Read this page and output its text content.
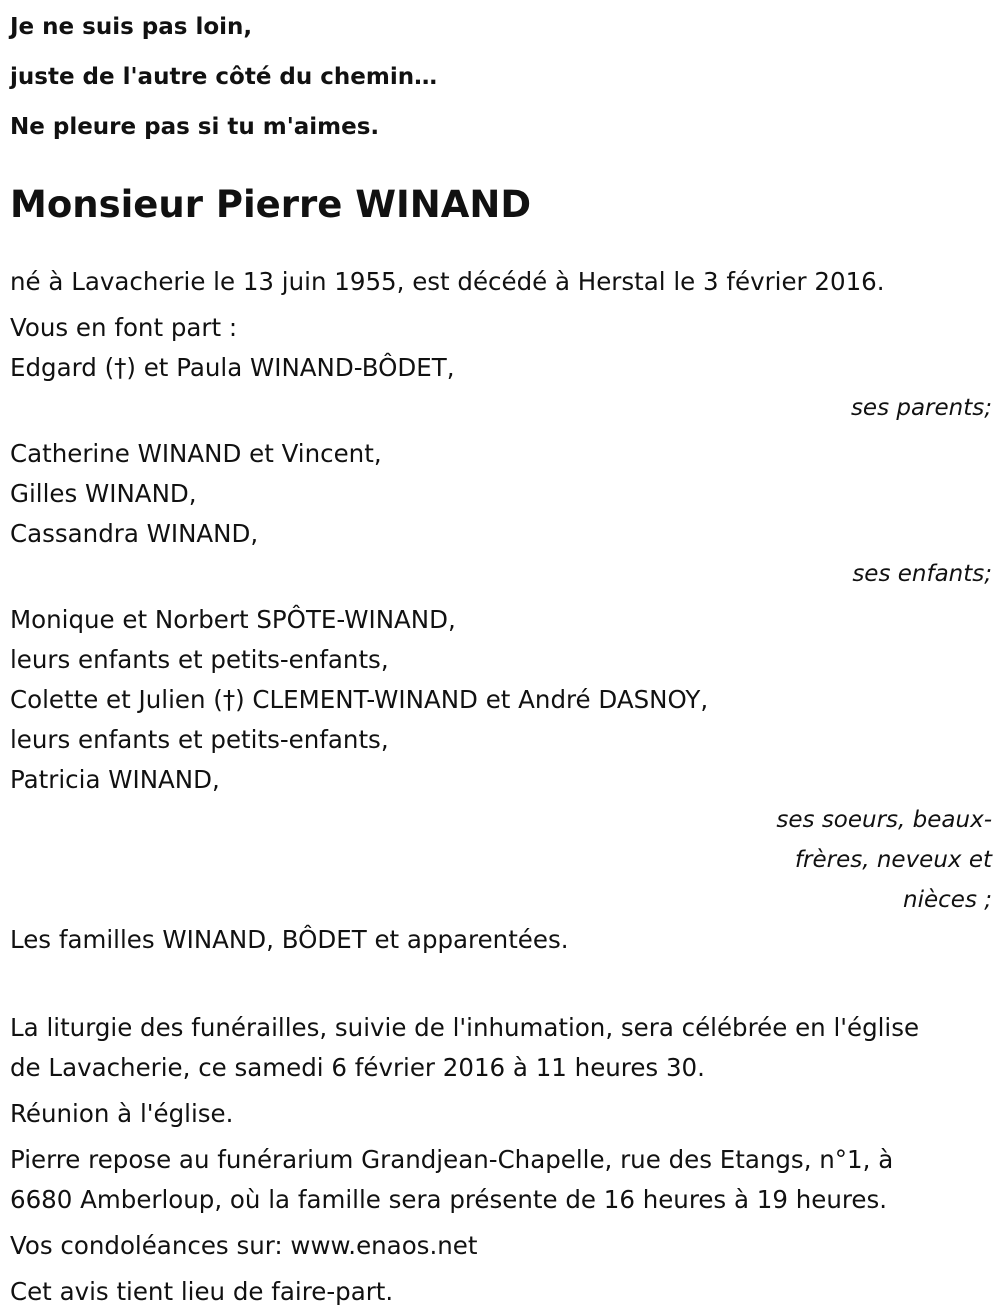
Je ne suis pas loin,
juste de l'autre côté du chemin…
Ne pleure pas si tu m'aimes.
Monsieur Pierre WINAND
né à Lavacherie le 13 juin 1955, est décédé à Herstal le 3 février 2016.
Vous en font part :
Edgard (†) et Paula WINAND-BÔDET,
ses parents;
Catherine WINAND et Vincent,
Gilles WINAND,
Cassandra WINAND,
ses enfants;
Monique et Norbert SPÔTE-WINAND,
leurs enfants et petits-enfants,
Colette et Julien (†) CLEMENT-WINAND et André DASNOY,
leurs enfants et petits-enfants,
Patricia WINAND,
ses soeurs, beaux-
frères, neveux et
nièces ;
Les familles WINAND, BÔDET et apparentées.
La liturgie des funérailles, suivie de l'inhumation, sera célébrée en l'église
de Lavacherie, ce samedi 6 février 2016 à 11 heures 30.
Réunion à l'église.
Pierre repose au funérarium Grandjean-Chapelle, rue des Etangs, n°1, à
6680 Amberloup, où la famille sera présente de 16 heures à 19 heures.
Vos condoléances sur: www.enaos.net
Cet avis tient lieu de faire-part.
